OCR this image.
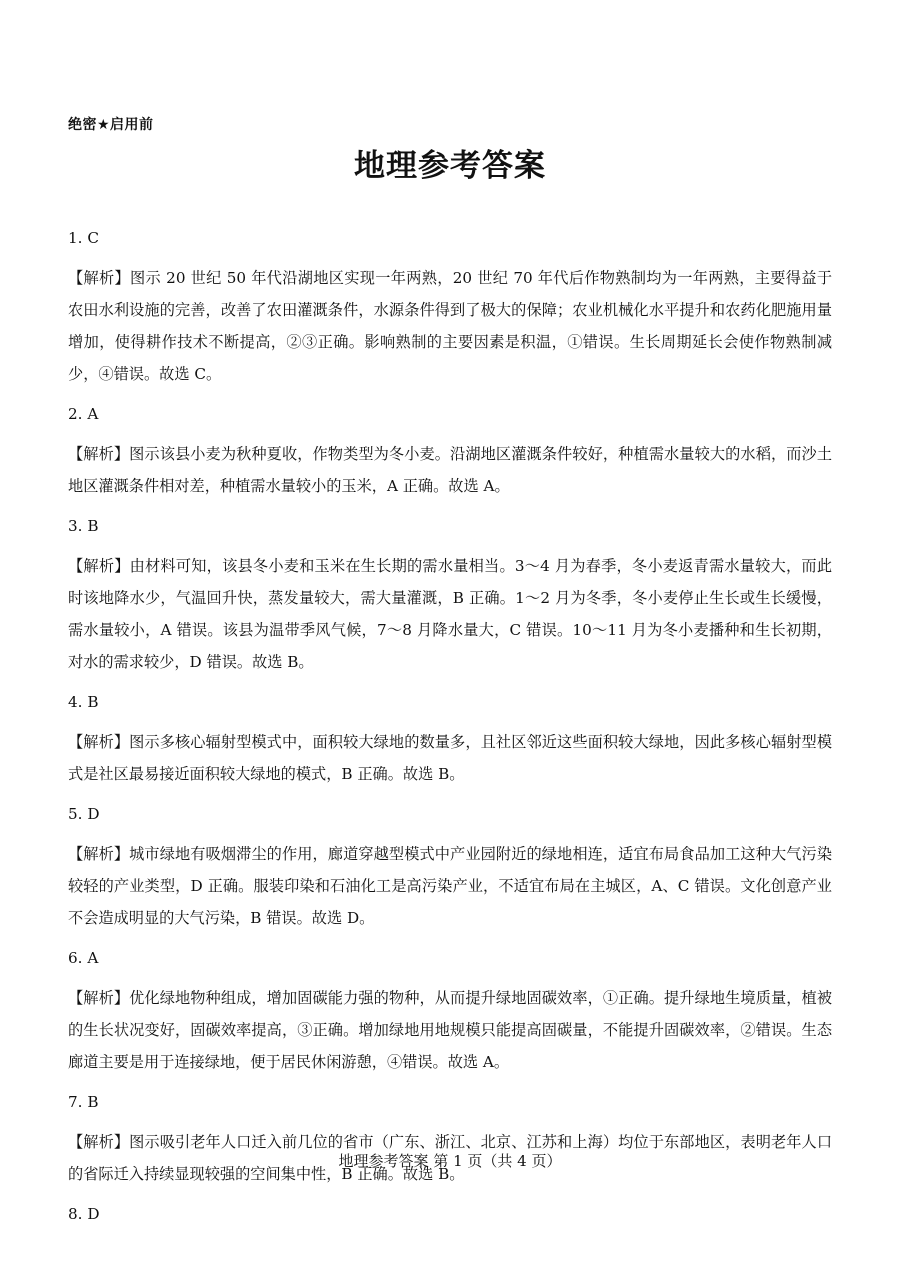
绝密★启用前
地理参考答案
1. C
【解析】图示 20 世纪 50 年代沿湖地区实现一年两熟，20 世纪 70 年代后作物熟制均为一年两熟，主要得益于农田水利设施的完善，改善了农田灌溉条件，水源条件得到了极大的保障；农业机械化水平提升和农药化肥施用量增加，使得耕作技术不断提高，②③正确。影响熟制的主要因素是积温，①错误。生长周期延长会使作物熟制减少，④错误。故选 C。
2. A
【解析】图示该县小麦为秋种夏收，作物类型为冬小麦。沿湖地区灌溉条件较好，种植需水量较大的水稻，而沙土地区灌溉条件相对差，种植需水量较小的玉米，A 正确。故选 A。
3. B
【解析】由材料可知，该县冬小麦和玉米在生长期的需水量相当。3～4 月为春季，冬小麦返青需水量较大，而此时该地降水少，气温回升快，蒸发量较大，需大量灌溉，B 正确。1～2 月为冬季，冬小麦停止生长或生长缓慢，需水量较小，A 错误。该县为温带季风气候，7～8 月降水量大，C 错误。10～11 月为冬小麦播种和生长初期，对水的需求较少，D 错误。故选 B。
4. B
【解析】图示多核心辐射型模式中，面积较大绿地的数量多，且社区邻近这些面积较大绿地，因此多核心辐射型模式是社区最易接近面积较大绿地的模式，B 正确。故选 B。
5. D
【解析】城市绿地有吸烟滞尘的作用，廊道穿越型模式中产业园附近的绿地相连，适宜布局食品加工这种大气污染较轻的产业类型，D 正确。服装印染和石油化工是高污染产业，不适宜布局在主城区，A、C 错误。文化创意产业不会造成明显的大气污染，B 错误。故选 D。
6. A
【解析】优化绿地物种组成，增加固碳能力强的物种，从而提升绿地固碳效率，①正确。提升绿地生境质量，植被的生长状况变好，固碳效率提高，③正确。增加绿地用地规模只能提高固碳量，不能提升固碳效率，②错误。生态廊道主要是用于连接绿地，便于居民休闲游憩，④错误。故选 A。
7. B
【解析】图示吸引老年人口迁入前几位的省市（广东、浙江、北京、江苏和上海）均位于东部地区，表明老年人口的省际迁入持续显现较强的空间集中性，B 正确。故选 B。
8. D
地理参考答案 第 1 页（共 4 页）
